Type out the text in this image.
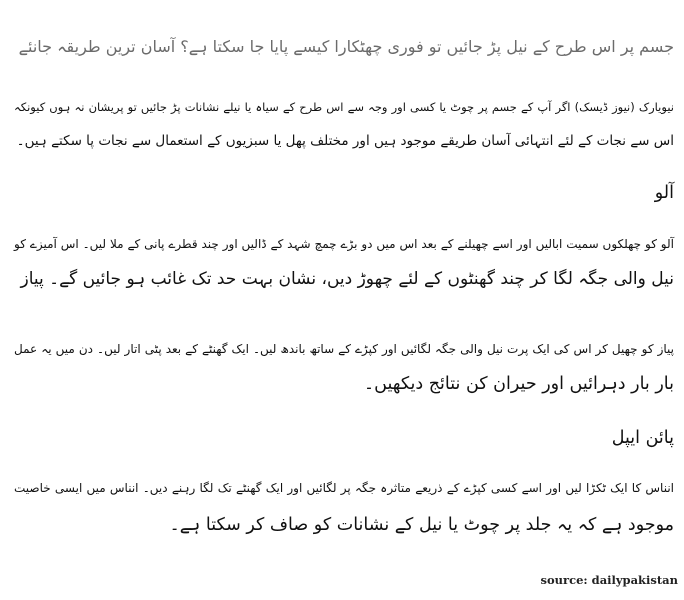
جسم پر اس طرح کے نیل پڑ جائیں تو فوری چھٹکارا کیسے پایا جا سکتا ہے؟ آسان ترین طریقہ جانئے
نیویارک (نیوز ڈیسک) اگر آپ کے جسم پر چوٹ یا کسی اور وجہ سے اس طرح کے سیاہ یا نیلے نشانات پڑ جائیں تو پریشان نہ ہوں کیونکہ
اس سے نجات کے لئے انتہائی آسان طریقے موجود ہیں اور مختلف پھل یا سبزیوں کے استعمال سے نجات پا سکتے ہیں۔
آلو
آلو کو چھلکوں سمیت ابالیں اور اسے چھیلنے کے بعد اس میں دو بڑے چمچ شہد کے ڈالیں اور چند قطرے پانی کے ملا لیں۔ اس آمیزے کو
نیل والی جگہ لگا کر چند گھنٹوں کے لئے چھوڑ دیں، نشان بہت حد تک غائب ہو جائیں گے۔ پیاز
پیاز کو چھیل کر اس کی ایک پرت نیل والی جگہ لگائیں اور کپڑے کے ساتھ باندھ لیں۔ ایک گھنٹے کے بعد پٹی اتار لیں۔ دن میں یہ عمل
بار بار دہرائیں اور حیران کن نتائج دیکھیں۔
پائن ایپل
انناس کا ایک ٹکڑا لیں اور اسے کسی کپڑے کے ذریعے متاثرہ جگہ پر لگائیں اور ایک گھنٹے تک لگا رہنے دیں۔ انناس میں ایسی خاصیت
موجود ہے کہ یہ جلد پر چوٹ یا نیل کے نشانات کو صاف کر سکتا ہے۔
source: dailypakistan
